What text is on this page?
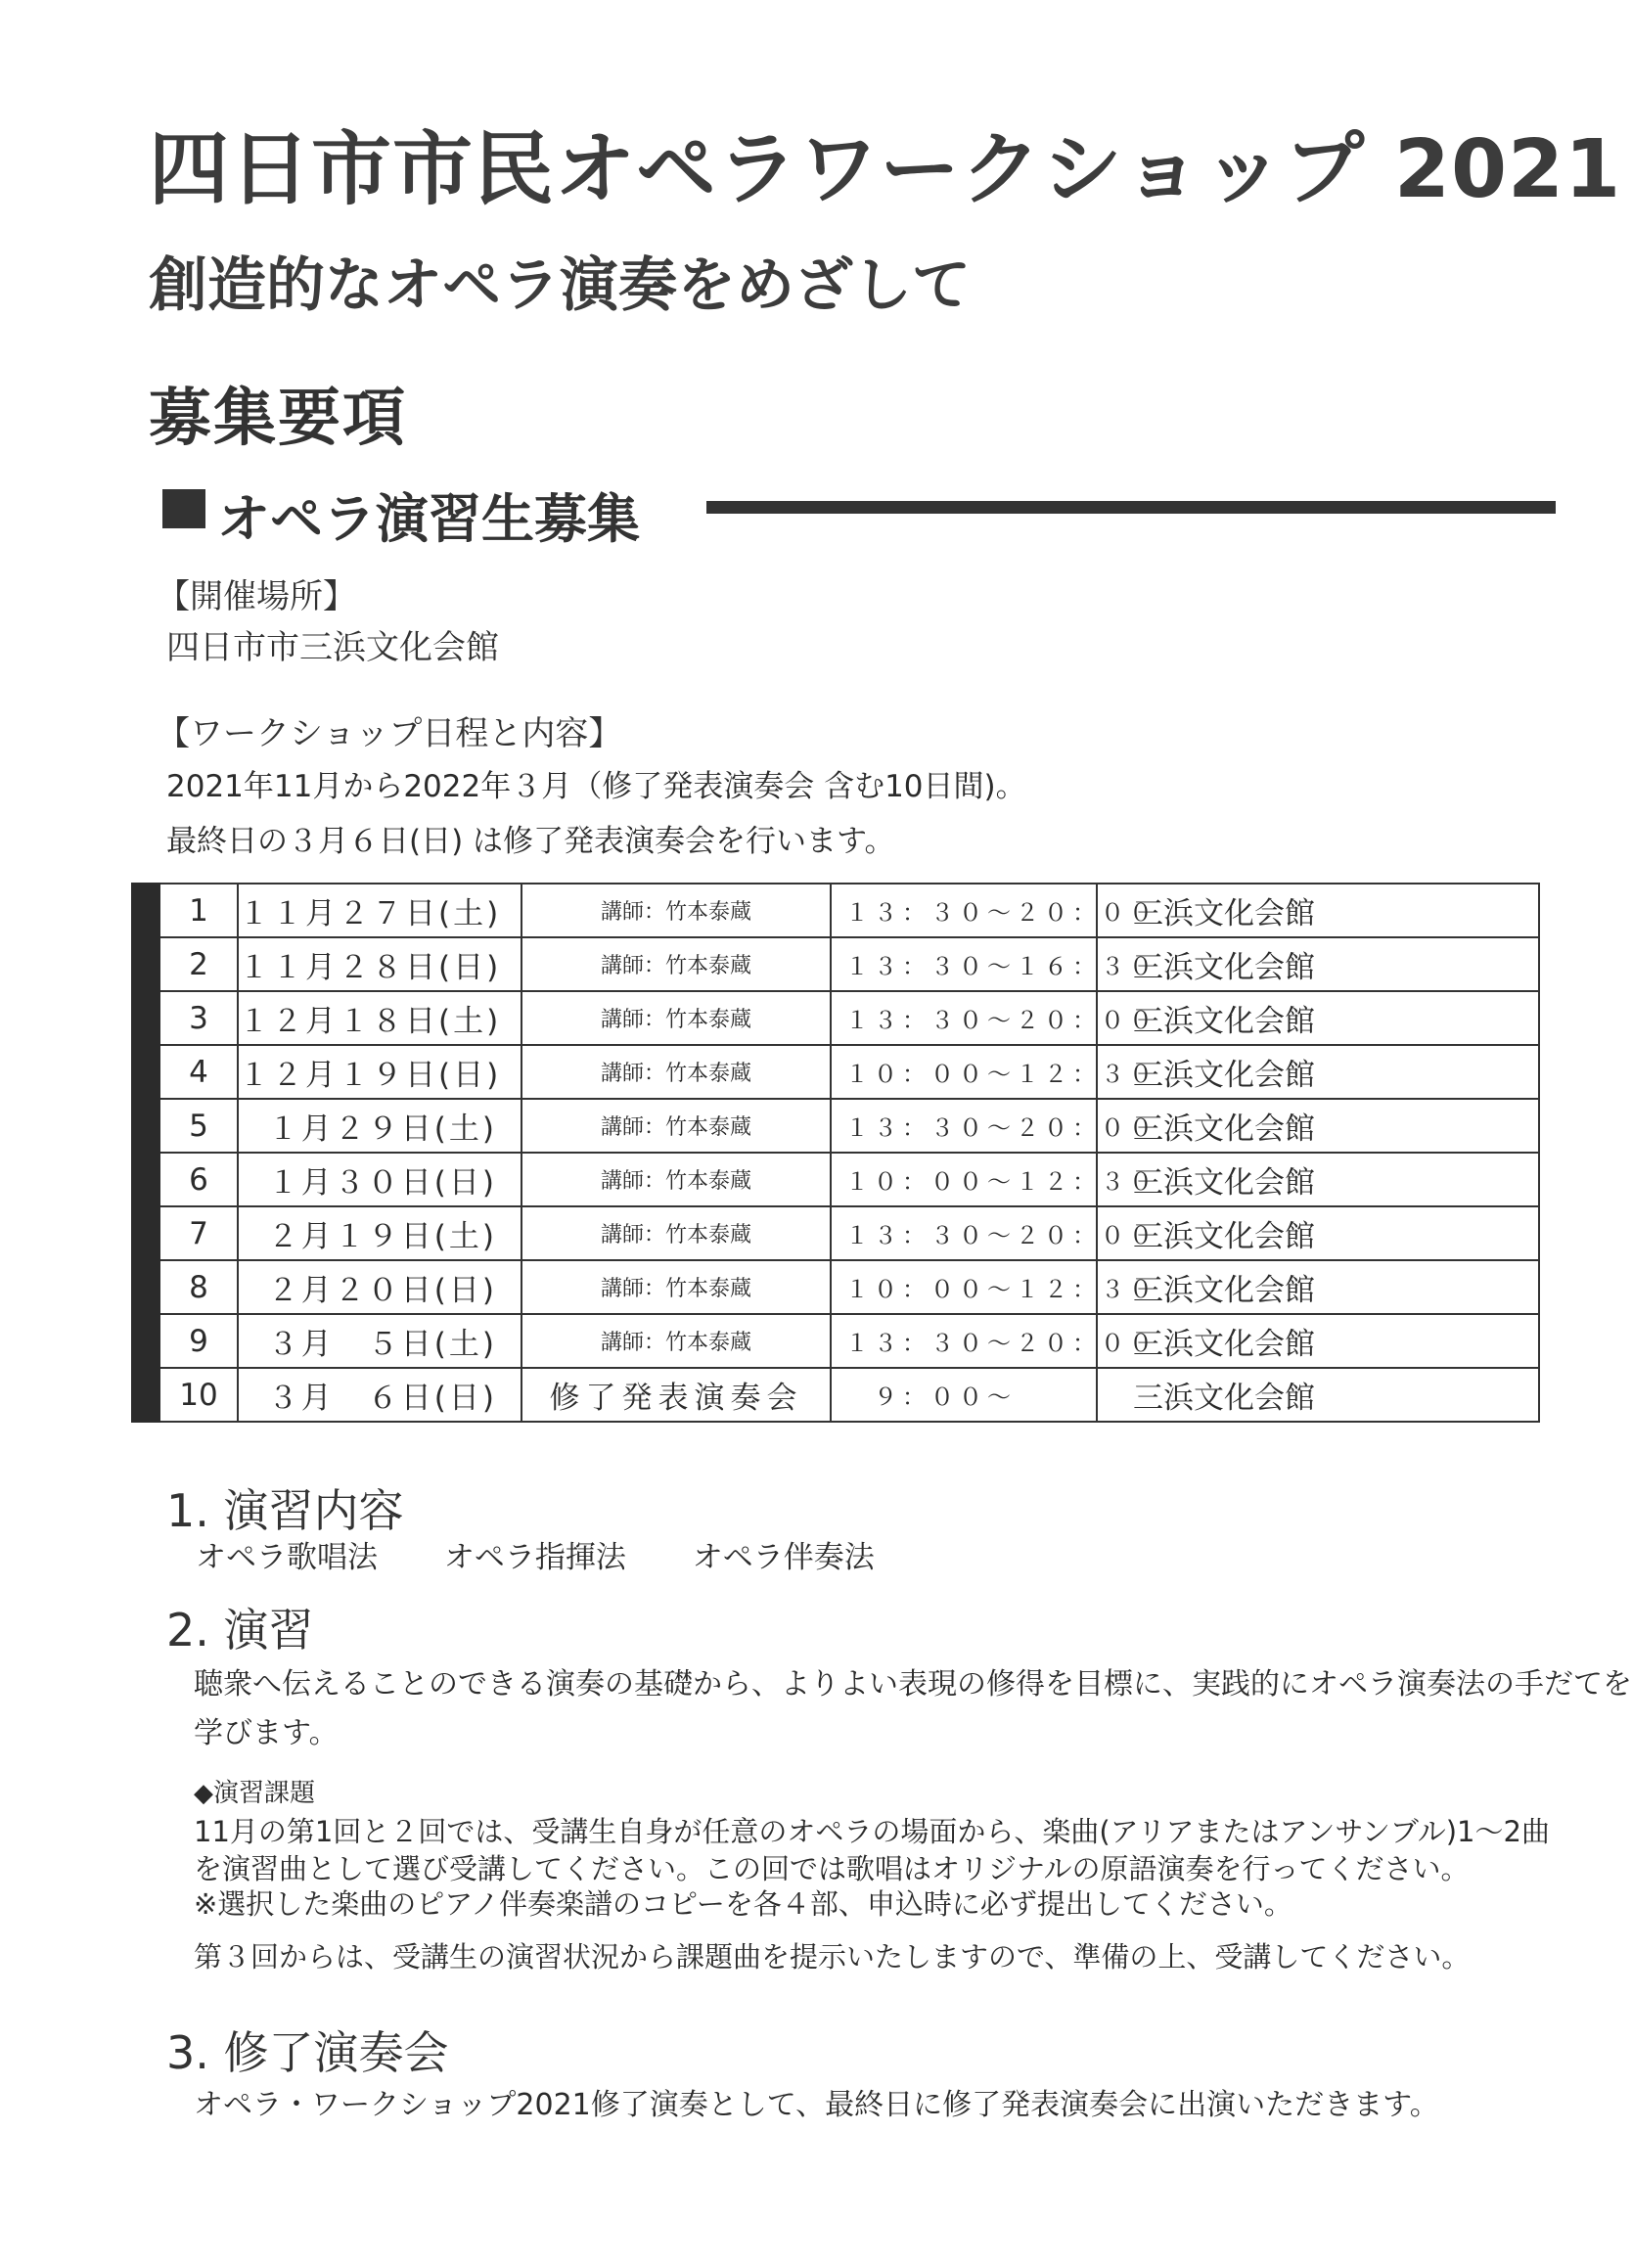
四日市市民オペラワークショップ 2021
創造的なオペラ演奏をめざして
募集要項
オペラ演習生募集
【開催場所】
四日市市三浜文化会館
【ワークショップ日程と内容】
2021年11月から2022年３月（修了発表演奏会 含む10日間)。
最終日の３月６日(日) は修了発表演奏会を行います。
	1	１１月２７日(土)	講師：竹本泰蔵	１３：３０～２０：００	三浜文化会館
	2	１１月２８日(日)	講師：竹本泰蔵	１３：３０～１６：３０	三浜文化会館
	3	１２月１８日(土)	講師：竹本泰蔵	１３：３０～２０：００	三浜文化会館
	4	１２月１９日(日)	講師：竹本泰蔵	１０：００～１２：３０	三浜文化会館
	5	１月２９日(土)	講師：竹本泰蔵	１３：３０～２０：００	三浜文化会館
	6	１月３０日(日)	講師：竹本泰蔵	１０：００～１２：３０	三浜文化会館
	7	２月１９日(土)	講師：竹本泰蔵	１３：３０～２０：００	三浜文化会館
	8	２月２０日(日)	講師：竹本泰蔵	１０：００～１２：３０	三浜文化会館
	9	３月　５日(土)	講師：竹本泰蔵	１３：３０～２０：００	三浜文化会館
	10	３月　６日(日)	修了発表演奏会	　９：００～	三浜文化会館
1. 演習内容
オペラ歌唱法 オペラ指揮法 オペラ伴奏法
2. 演習
聴衆へ伝えることのできる演奏の基礎から、よりよい表現の修得を目標に、実践的にオペラ演奏法の手だてを
学びます。
◆演習課題
11月の第1回と２回では、受講生自身が任意のオペラの場面から、楽曲(アリアまたはアンサンブル)1～2曲
を演習曲として選び受講してください。この回では歌唱はオリジナルの原語演奏を行ってください。
※選択した楽曲のピアノ伴奏楽譜のコピーを各４部、申込時に必ず提出してください。
第３回からは、受講生の演習状況から課題曲を提示いたしますので、準備の上、受講してください。
3. 修了演奏会
オペラ・ワークショップ2021修了演奏として、最終日に修了発表演奏会に出演いただきます。
